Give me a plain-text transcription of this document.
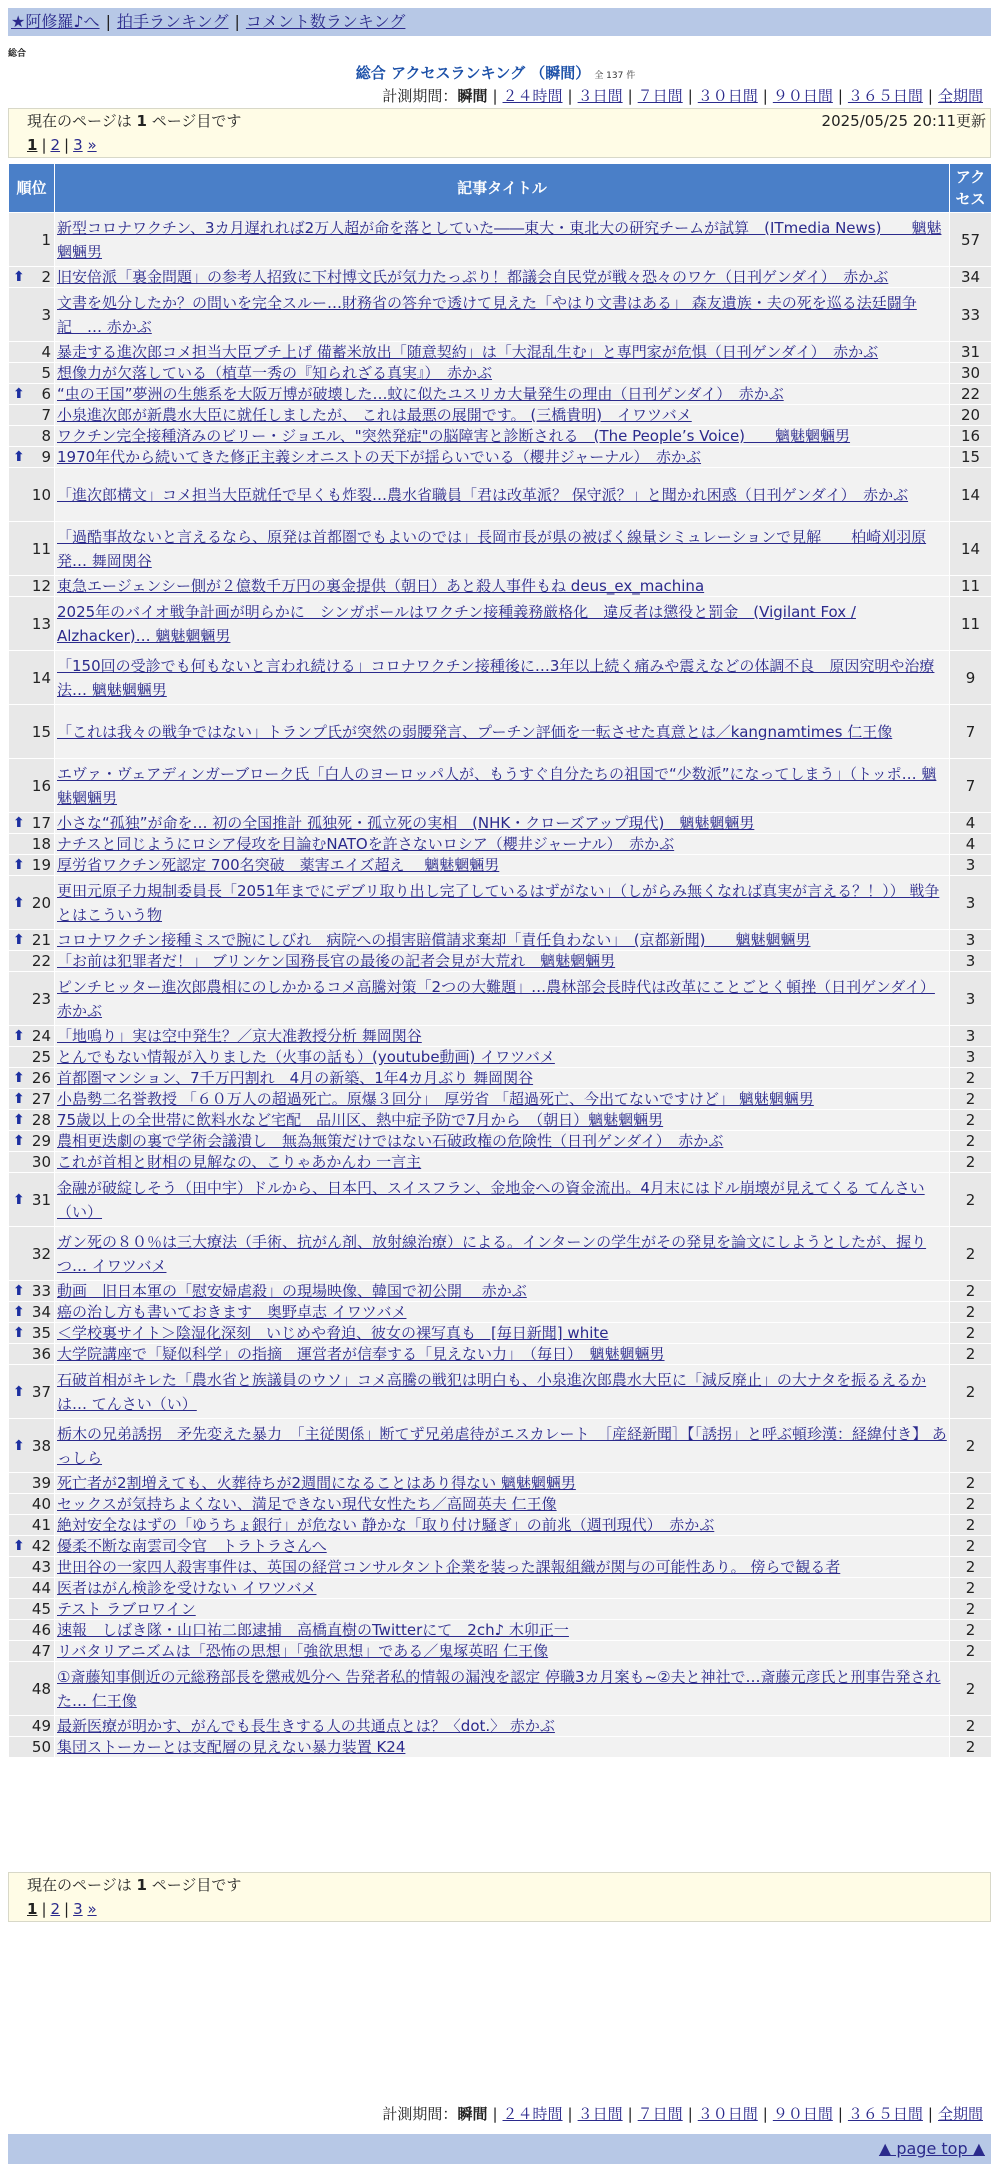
★阿修羅♪へ | 拍手ランキング | コメント数ランキング
総合
総合 アクセスランキング （瞬間） 全 137 件
計測期間：瞬間 | ２４時間 | ３日間 | ７日間 | ３０日間 | ９０日間 | ３６５日間 | 全期間
現在のページは 1 ページ目です	2025/05/25 20:11更新
1 | 2 | 3 »
順位	記事タイトル	アクセス
1	新型コロナワクチン、3カ月遅れれば2万人超が命を落としていた――東大・東北大の研究チームが試算　(ITmedia News)　　魑魅魍魎男	57

⬆ 2	旧安倍派「裏金問題」の参考人招致に下村博文氏が気力たっぷり！都議会自民党が戦々恐々のワケ（日刊ゲンダイ）　赤かぶ	34
3	文書を処分したか？の問いを完全スルー…財務省の答弁で透けて見えた「やはり文書はある」 森友遺族・夫の死を巡る法廷闘争記　… 赤かぶ	33
4	暴走する進次郎コメ担当大臣ブチ上げ 備蓄米放出「随意契約」は「大混乱生む」と専門家が危惧（日刊ゲンダイ）　赤かぶ	31
5	想像力が欠落している（植草一秀の『知られざる真実』）　赤かぶ	30

⬆ 6	“虫の王国”夢洲の生態系を大阪万博が破壊した…蚊に似たユスリカ大量発生の理由（日刊ゲンダイ）　赤かぶ	22
7	小泉進次郎が新農水大臣に就任しましたが、 これは最悪の展開です。 (三橋貴明)　イワツバメ	20
8	ワクチン完全接種済みのビリー・ジョエル、"突然発症"の脳障害と診断される　(The People’s Voice)　　魑魅魍魎男	16

⬆ 9	1970年代から続いてきた修正主義シオニストの天下が揺らいでいる（櫻井ジャーナル）　赤かぶ	15
10	「進次郎構文」コメ担当大臣就任で早くも炸裂…農水省職員「君は改革派？ 保守派？」と聞かれ困惑（日刊ゲンダイ）　赤かぶ	14
11	「過酷事故ないと言えるなら、原発は首都圏でもよいのでは」長岡市長が県の被ばく線量シミュレーションで見解　　柏崎刈羽原発… 舞岡関谷	14
12	東急エージェンシー側が２億数千万円の裏金提供（朝日）あと殺人事件もね deus_ex_machina	11
13	2025年のバイオ戦争計画が明らかに　シンガポールはワクチン接種義務厳格化　違反者は懲役と罰金　(Vigilant Fox / Alzhacker)… 魑魅魍魎男	11
14	「150回の受診でも何もないと言われ続ける」コロナワクチン接種後に…3年以上続く痛みや震えなどの体調不良　原因究明や治療法… 魑魅魍魎男	9
15	「これは我々の戦争ではない」トランプ氏が突然の弱腰発言、プーチン評価を一転させた真意とは／kangnamtimes 仁王像	7
16	エヴァ・ヴェアディンガーブローク氏「白人のヨーロッパ人が、もうすぐ自分たちの祖国で“少数派”になってしまう」（トッポ… 魑魅魍魎男	7

⬆ 17	小さな“孤独”が命を… 初の全国推計 孤独死・孤立死の実相　(NHK・クローズアップ現代)　魑魅魍魎男	4
18	ナチスと同じようにロシア侵攻を目論むNATOを許さないロシア（櫻井ジャーナル）　赤かぶ	4

⬆ 19	厚労省ワクチン死認定 700名突破　薬害エイズ超え　 魑魅魍魎男	3

⬆ 20	更田元原子力規制委員長「2051年までにデブリ取り出し完了しているはずがない」（しがらみ無くなれば真実が言える？！）） 戦争とはこういう物	3

⬆ 21	コロナワクチン接種ミスで腕にしびれ　病院への損害賠償請求棄却「責任負わない」　(京都新聞)　　魑魅魍魎男	3
22	「お前は犯罪者だ！」 ブリンケン国務長官の最後の記者会見が大荒れ　魑魅魍魎男	3
23	ピンチヒッター進次郎農相にのしかかるコメ高騰対策「2つの大難題」…農林部会長時代は改革にことごとく頓挫（日刊ゲンダイ） 赤かぶ	3

⬆ 24	「地鳴り」実は空中発生？／京大准教授分析 舞岡関谷	3
25	とんでもない情報が入りました（火事の話も）(youtube動画) イワツバメ	3

⬆ 26	首都圏マンション、7千万円割れ　4月の新築、1年4カ月ぶり 舞岡関谷	2

⬆ 27	小島勢二名誉教授 「６０万人の超過死亡。原爆３回分」　厚労省 「超過死亡、今出てないですけど」 魑魅魍魎男	2

⬆ 28	75歳以上の全世帯に飲料水など宅配　品川区、熱中症予防で7月から　（朝日）魑魅魍魎男	2

⬆ 29	農相更迭劇の裏で学術会議潰し　無為無策だけではない石破政権の危険性（日刊ゲンダイ）　赤かぶ	2
30	これが首相と財相の見解なの、こりゃあかんわ 一言主	2

⬆ 31	金融が破綻しそう（田中宇）ドルから、日本円、スイスフラン、金地金への資金流出。4月末にはドル崩壊が見えてくる てんさい（い）	2
32	ガン死の８０％は三大療法（手術、抗がん剤、放射線治療）による。インターンの学生がその発見を論文にしようとしたが、握りつ… イワツバメ	2

⬆ 33	動画　旧日本軍の「慰安婦虐殺」の現場映像、韓国で初公開　 赤かぶ	2

⬆ 34	癌の治し方も書いておきます　奥野卓志 イワツバメ	2

⬆ 35	＜学校裏サイト＞陰湿化深刻　いじめや脅迫、彼女の裸写真も　[毎日新聞] white	2
36	大学院講座で「疑似科学」の指摘　運営者が信奉する「見えない力」　（毎日）　魑魅魍魎男	2

⬆ 37	石破首相がキレた「農水省と族議員のウソ」コメ高騰の戦犯は明白も、小泉進次郎農水大臣に「減反廃止」の大ナタを振るえるかは… てんさい（い）	2

⬆ 38	栃木の兄弟誘拐　矛先変えた暴力　「主従関係」断てず兄弟虐待がエスカレート　［産経新聞］【「誘拐」と呼ぶ頓珍漢：経緯付き】 あっしら	2
39	死亡者が2割増えても、火葬待ちが2週間になることはあり得ない 魑魅魍魎男	2
40	セックスが気持ちよくない、満足できない現代女性たち／高岡英夫 仁王像	2
41	絶対安全なはずの「ゆうちょ銀行」が危ない 静かな「取り付け騒ぎ」の前兆（週刊現代）　赤かぶ	2

⬆ 42	優柔不断な南雲司令官　トラトラさんへ	2
43	世田谷の一家四人殺害事件は、英国の経営コンサルタント企業を装った課報組織が関与の可能性あり。 傍らで観る者	2
44	医者はがん検診を受けない イワツバメ	2
45	テスト ラブロワイン	2
46	速報　しばき隊・山口祐二郎逮捕　高橋直樹のTwitterにて　2ch♪ 木卯正一	2
47	リバタリアニズムは「恐怖の思想」「強欲思想」である／鬼塚英昭 仁王像	2
48	①斎藤知事側近の元総務部長を懲戒処分へ 告発者私的情報の漏洩を認定 停職3カ月案も~②夫と神社で…斎藤元彦氏と刑事告発された… 仁王像	2
49	最新医療が明かす、がんでも長生きする人の共通点とは？〈dot.〉 赤かぶ	2
50	集団ストーカーとは支配層の見えない暴力装置 K24	2
現在のページは 1 ページ目です
1 | 2 | 3 »
計測期間：瞬間 | ２４時間 | ３日間 | ７日間 | ３０日間 | ９０日間 | ３６５日間 | 全期間
▲ page top ▲
